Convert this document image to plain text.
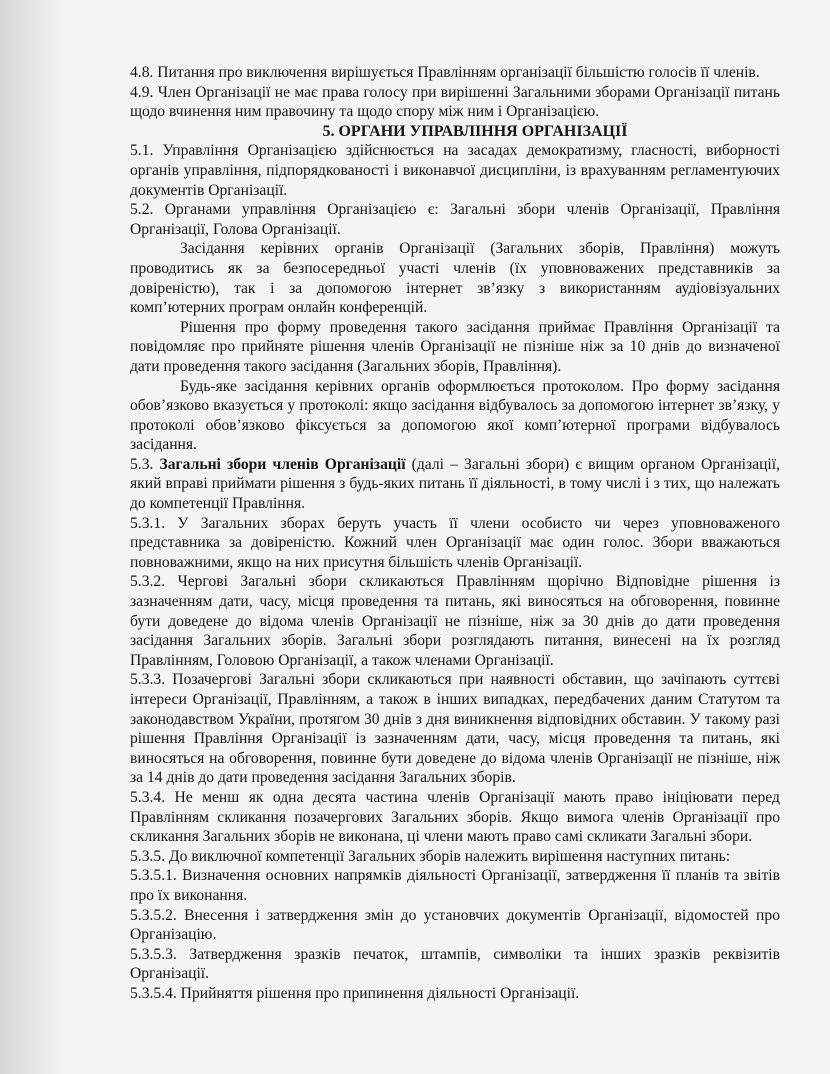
4.8. Питання про виключення вирішується Правлінням організації більшістю голосів її членів.

4.9. Член Організації не має права голосу при вирішенні Загальними зборами Організації питань щодо вчинення ним правочину та щодо спору між ним і Організацією.

5. ОРГАНИ УПРАВЛІННЯ ОРГАНІЗАЦІЇ

5.1. Управління Організацією здійснюється на засадах демократизму, гласності, виборності органів управління, підпорядкованості і виконавчої дисципліни, із врахуванням регламентуючих документів Організації.

5.2. Органами управління Організацією є: Загальні збори членів Організації, Правління Організації, Голова Організації.

Засідання керівних органів Організації (Загальних зборів, Правління) можуть проводитись як за безпосередньої участі членів (їх уповноважених представників за довіреністю), так і за допомогою інтернет зв’язку з використанням аудіовізуальних комп’ютерних програм онлайн конференцій.

Рішення про форму проведення такого засідання приймає Правління Організації та повідомляє про прийняте рішення членів Організації не пізніше ніж за 10 днів до визначеної дати проведення такого засідання (Загальних зборів, Правління).

Будь-яке засідання керівних органів оформлюється протоколом. Про форму засідання обов’язково вказується у протоколі: якщо засідання відбувалось за допомогою інтернет зв’язку, у протоколі обов’язково фіксується за допомогою якої комп’ютерної програми відбувалось засідання.

5.3. Загальні збори членів Організації (далі – Загальні збори) є вищим органом Організації, який вправі приймати рішення з будь-яких питань її діяльності, в тому числі і з тих, що належать до компетенції Правління.

5.3.1. У Загальних зборах беруть участь її члени особисто чи через уповноваженого представника за довіреністю. Кожний член Організації має один голос. Збори вважаються повноважними, якщо на них присутня більшість членів Організації.

5.3.2. Чергові Загальні збори скликаються Правлінням щорічно Відповідне рішення із зазначенням дати, часу, місця проведення та питань, які виносяться на обговорення, повинне бути доведене до відома членів Організації не пізніше, ніж за 30 днів до дати проведення засідання Загальних зборів. Загальні збори розглядають питання, винесені на їх розгляд Правлінням, Головою Організації, а також членами Організації.

5.3.3. Позачергові Загальні збори скликаються при наявності обставин, що зачіпають суттєві інтереси Організації, Правлінням, а також в інших випадках, передбачених даним Статутом та законодавством України, протягом 30 днів з дня виникнення відповідних обставин. У такому разі рішення Правління Організації із зазначенням дати, часу, місця проведення та питань, які виносяться на обговорення, повинне бути доведене до відома членів Організації не пізніше, ніж за 14 днів до дати проведення засідання Загальних зборів.

5.3.4. Не менш як одна десята частина членів Організації мають право ініціювати перед Правлінням скликання позачергових Загальних зборів. Якщо вимога членів Організації про скликання Загальних зборів не виконана, ці члени мають право самі скликати Загальні збори.

5.3.5. До виключної компетенції Загальних зборів належить вирішення наступних питань:

5.3.5.1. Визначення основних напрямків діяльності Організації, затвердження її планів та звітів про їх виконання.

5.3.5.2. Внесення і затвердження змін до установчих документів Організації, відомостей про Організацію.

5.3.5.3. Затвердження зразків печаток, штампів, символіки та інших зразків реквізитів Організації.

5.3.5.4. Прийняття рішення про припинення діяльності Організації.
